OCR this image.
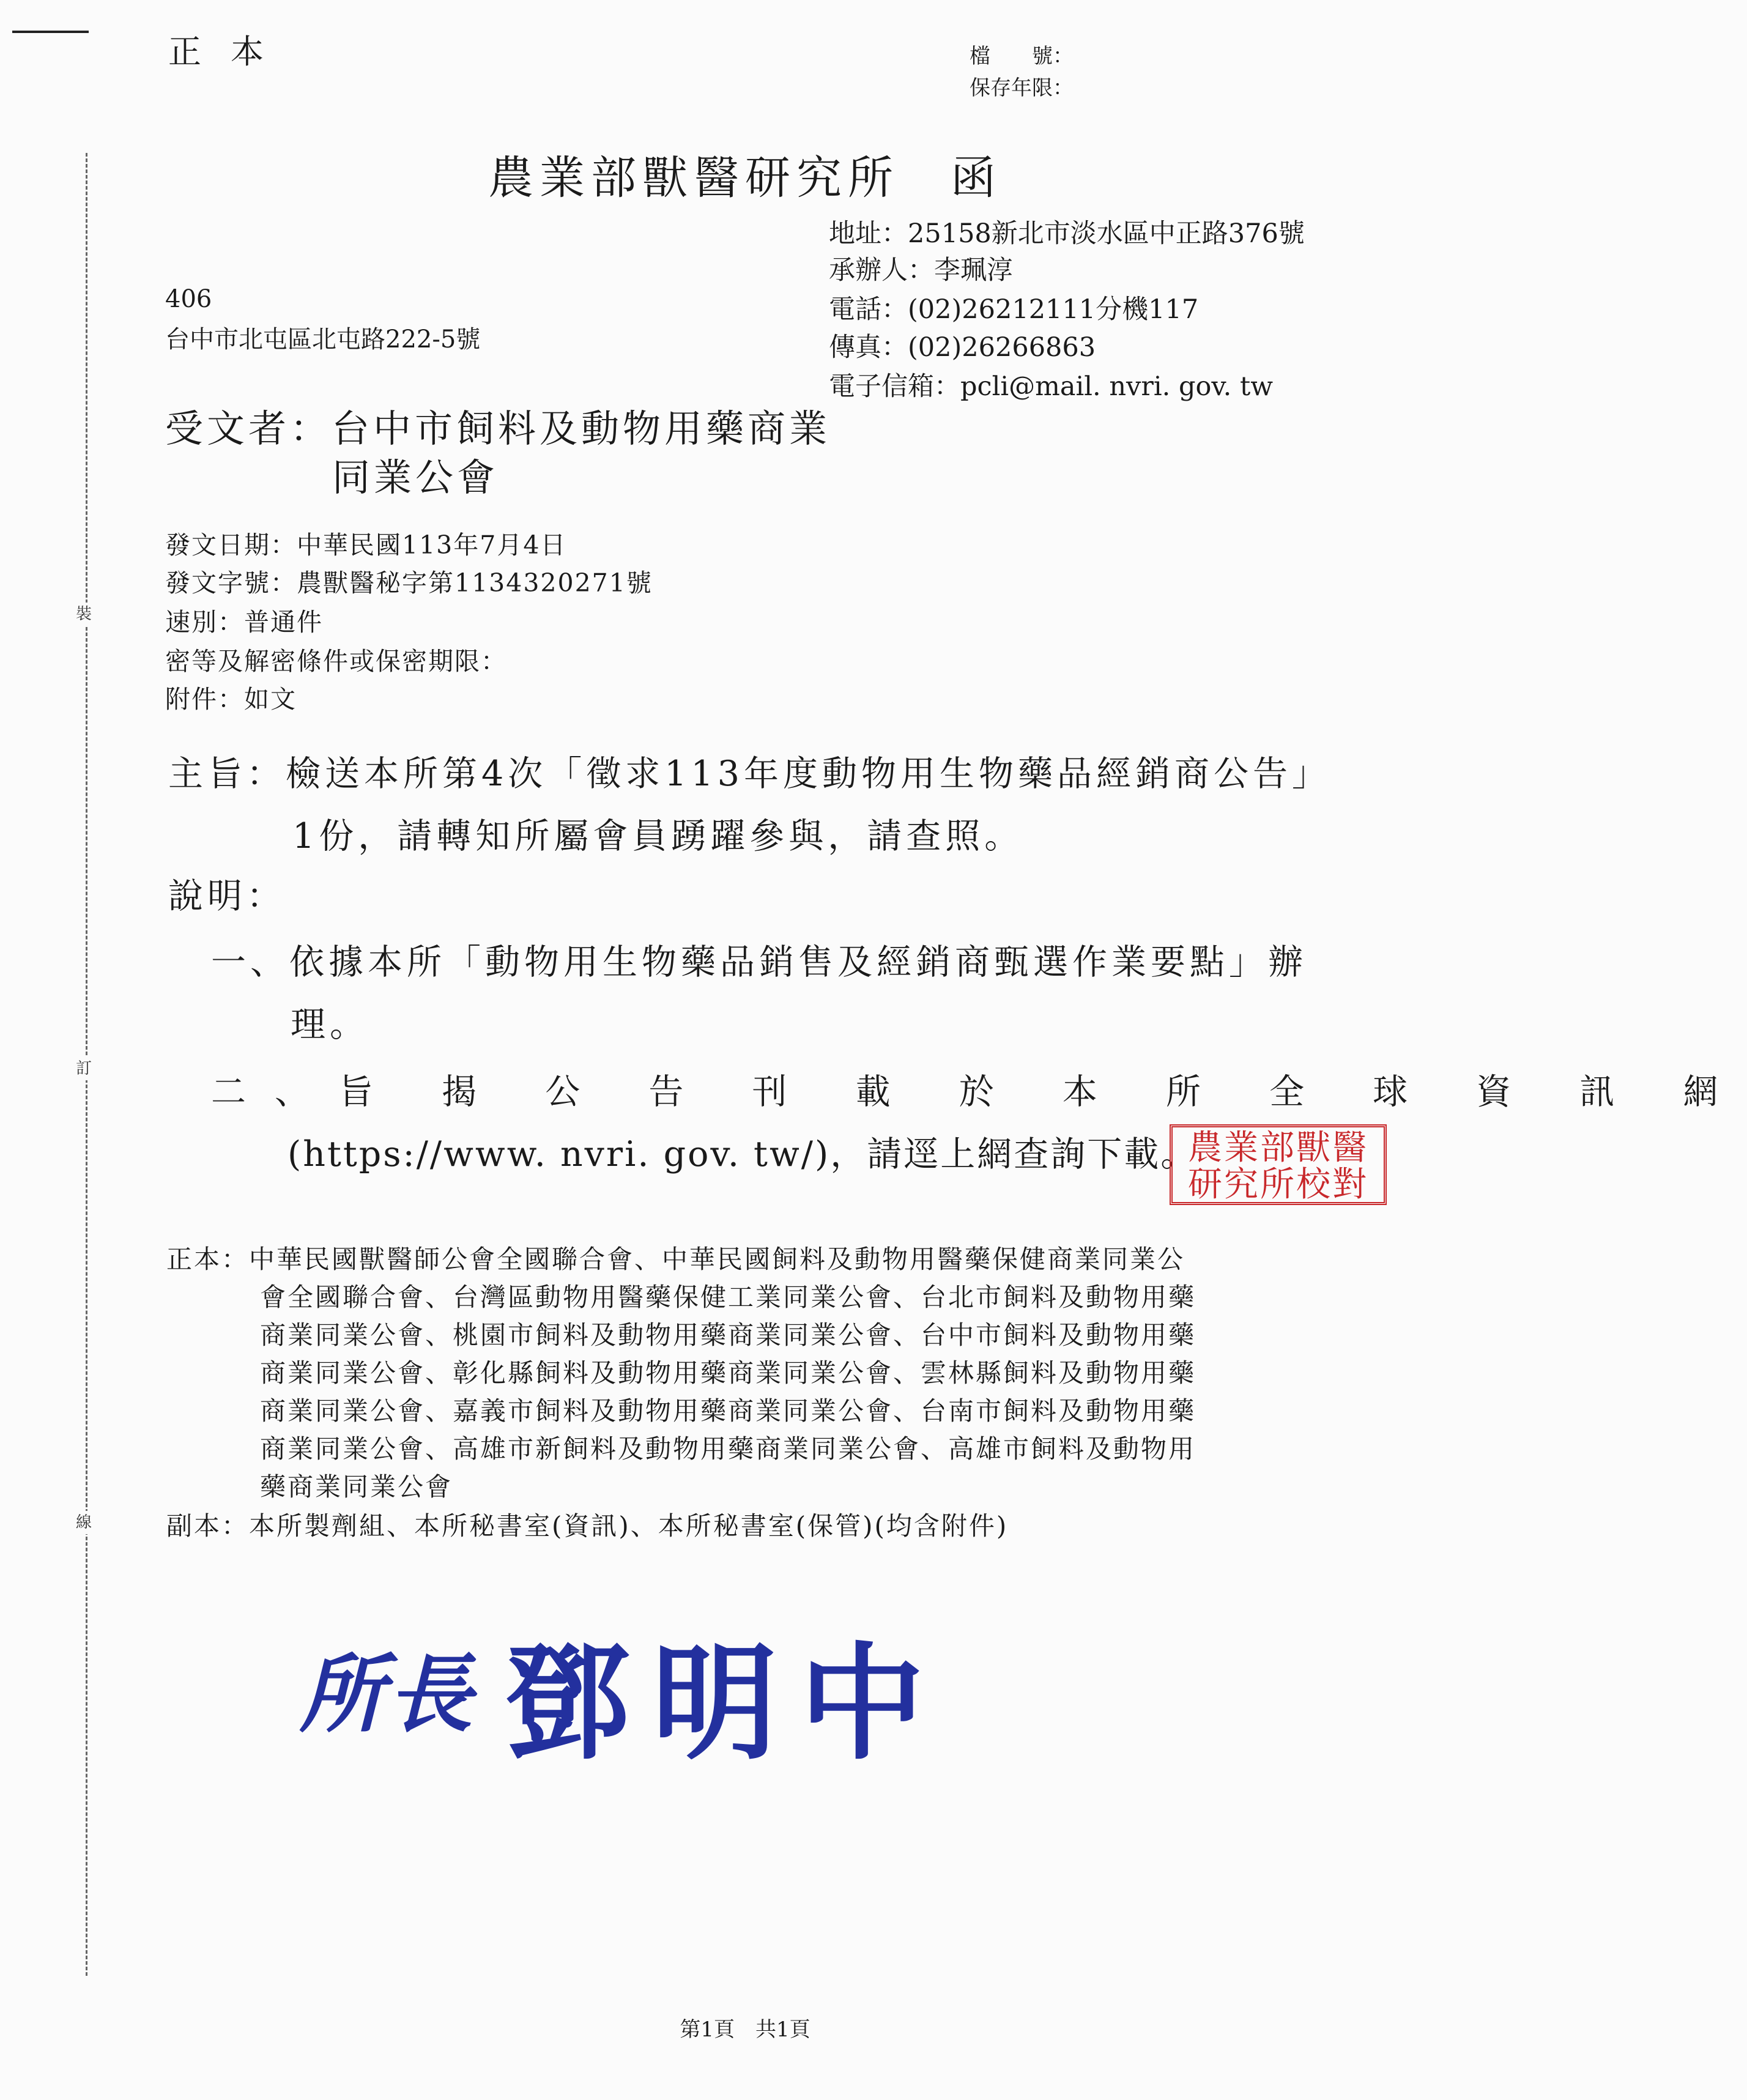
裝
訂
線
正本	檔　　號：
保存年限：
農業部獸醫研究所　函
地址：25158新北市淡水區中正路376號
承辦人：李珮淳
電話：(02)26212111分機117
傳真：(02)26266863
電子信箱：pcli@mail. nvri. gov. tw
406
台中市北屯區北屯路222-5號
受文者：台中市飼料及動物用藥商業
同業公會
發文日期：中華民國113年7月4日
發文字號：農獸醫秘字第1134320271號
速別：普通件
密等及解密條件或保密期限：
附件：如文
主旨：檢送本所第4次「徵求113年度動物用生物藥品經銷商公告」
1份，請轉知所屬會員踴躍參與，請查照。
說明：
一、依據本所「動物用生物藥品銷售及經銷商甄選作業要點」辦
理。
二、旨 揭 公 告 刊 載 於 本 所 全 球 資 訊 網
(https://www. nvri. gov. tw/)，請逕上網查詢下載。
農業部獸醫
研究所校對
正本：中華民國獸醫師公會全國聯合會、中華民國飼料及動物用醫藥保健商業同業公
會全國聯合會、台灣區動物用醫藥保健工業同業公會、台北市飼料及動物用藥
商業同業公會、桃園市飼料及動物用藥商業同業公會、台中市飼料及動物用藥
商業同業公會、彰化縣飼料及動物用藥商業同業公會、雲林縣飼料及動物用藥
商業同業公會、嘉義市飼料及動物用藥商業同業公會、台南市飼料及動物用藥
商業同業公會、高雄市新飼料及動物用藥商業同業公會、高雄市飼料及動物用
藥商業同業公會
副本：本所製劑組、本所秘書室(資訊)、本所秘書室(保管)(均含附件)
所長 鄧明中
第1頁　共1頁
